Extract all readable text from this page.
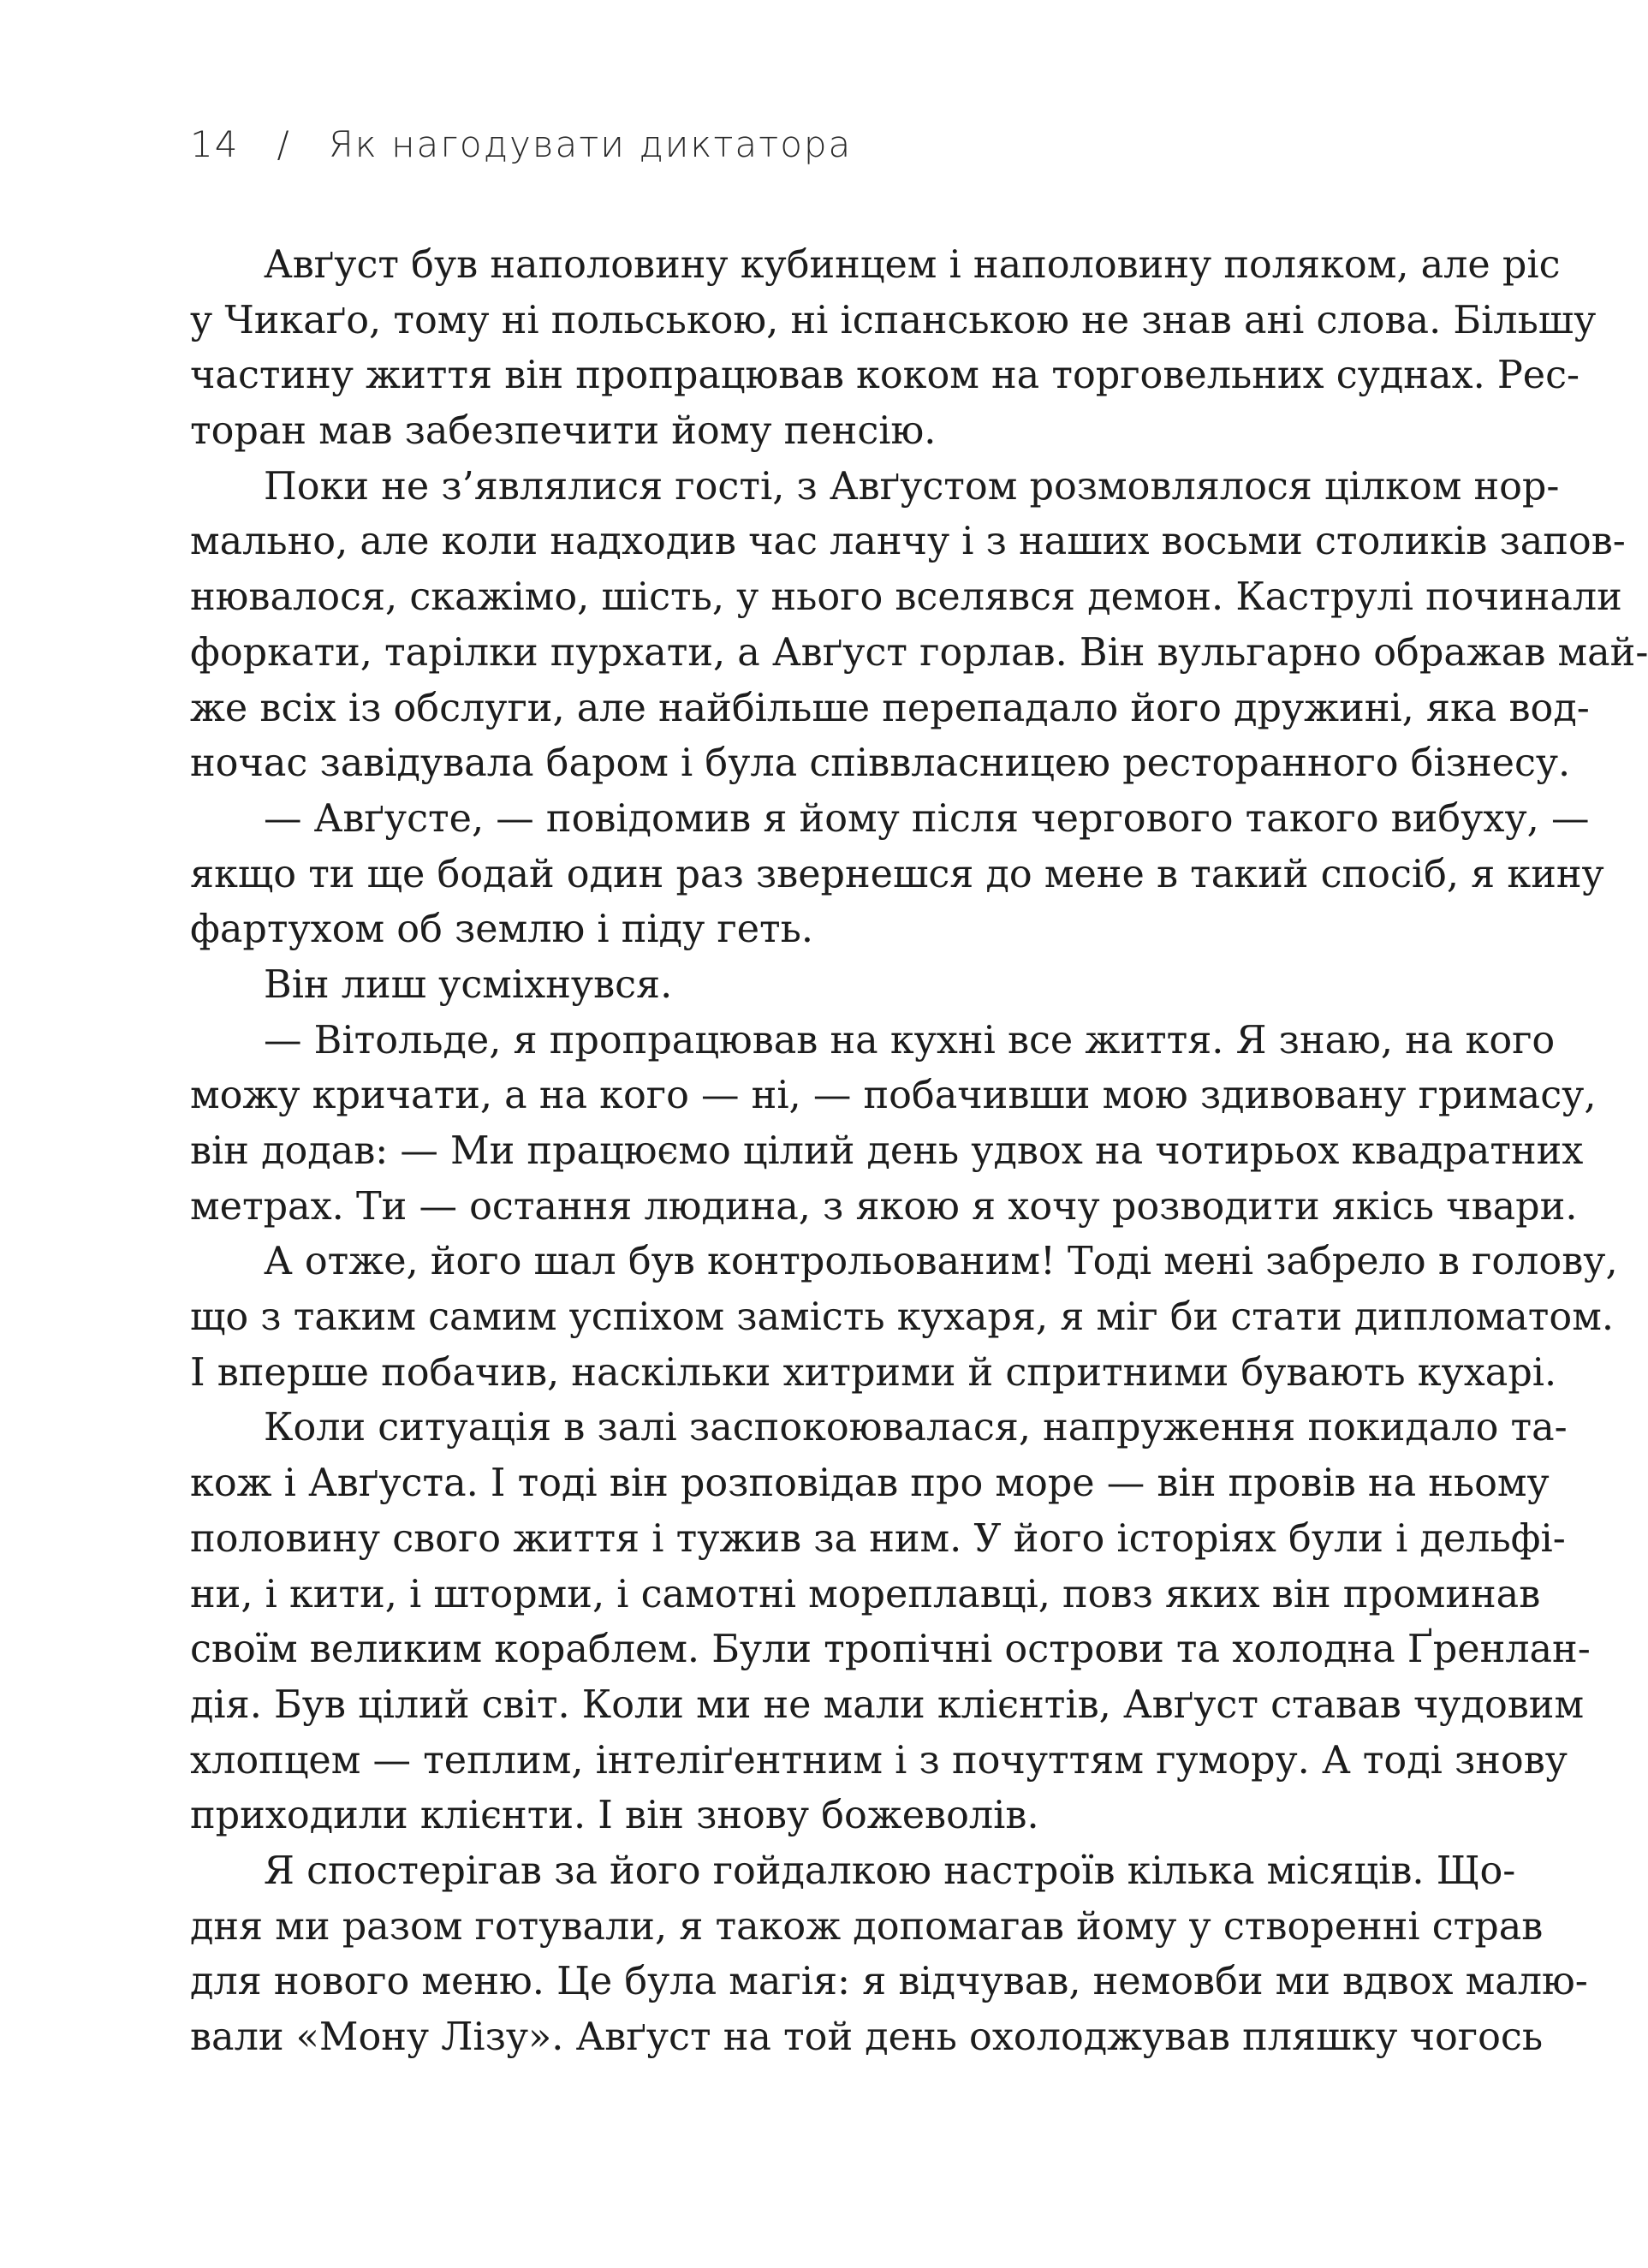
14 / Як нагодувати диктатора
Авґуст був наполовину кубинцем і наполовину поляком, але ріс
у Чикаґо, тому ні польською, ні іспанською не знав ані слова. Більшу
частину життя він пропрацював коком на торговельних суднах. Рес-
торан мав забезпечити йому пенсію.
Поки не з’являлися гості, з Авґустом розмовлялося цілком нор-
мально, але коли надходив час ланчу і з наших восьми столиків запов-
нювалося, скажімо, шість, у нього вселявся демон. Каструлі починали
форкати, тарілки пурхати, а Авґуст горлав. Він вульгарно ображав май-
же всіх із обслуги, але найбільше перепадало його дружині, яка вод-
ночас завідувала баром і була співвласницею ресторанного бізнесу.
— Авґусте, — повідомив я йому після чергового такого вибуху, —
якщо ти ще бодай один раз звернешся до мене в такий спосіб, я кину
фартухом об землю і піду геть.
Він лиш усміхнувся.
— Вітольде, я пропрацював на кухні все життя. Я знаю, на кого
можу кричати, а на кого — ні, — побачивши мою здивовану гримасу,
він додав: — Ми працюємо цілий день удвох на чотирьох квадратних
метрах. Ти — остання людина, з якою я хочу розводити якісь чвари.
А отже, його шал був контрольованим! Тоді мені забрело в голову,
що з таким самим успіхом замість кухаря, я міг би стати дипломатом.
І вперше побачив, наскільки хитрими й спритними бувають кухарі.
Коли ситуація в залі заспокоювалася, напруження покидало та-
кож і Авґуста. І тоді він розповідав про море — він провів на ньому
половину свого життя і тужив за ним. У його історіях були і дельфі-
ни, і кити, і шторми, і самотні мореплавці, повз яких він проминав
своїм великим кораблем. Були тропічні острови та холодна Ґренлан-
дія. Був цілий світ. Коли ми не мали клієнтів, Авґуст ставав чудовим
хлопцем — теплим, інтеліґентним і з почуттям гумору. А тоді знову
приходили клієнти. І він знову божеволів.
Я спостерігав за його гойдалкою настроїв кілька місяців. Що-
дня ми разом готували, я також допомагав йому у створенні страв
для нового меню. Це була магія: я відчував, немовби ми вдвох малю-
вали «Мону Лізу». Авґуст на той день охолоджував пляшку чогось
